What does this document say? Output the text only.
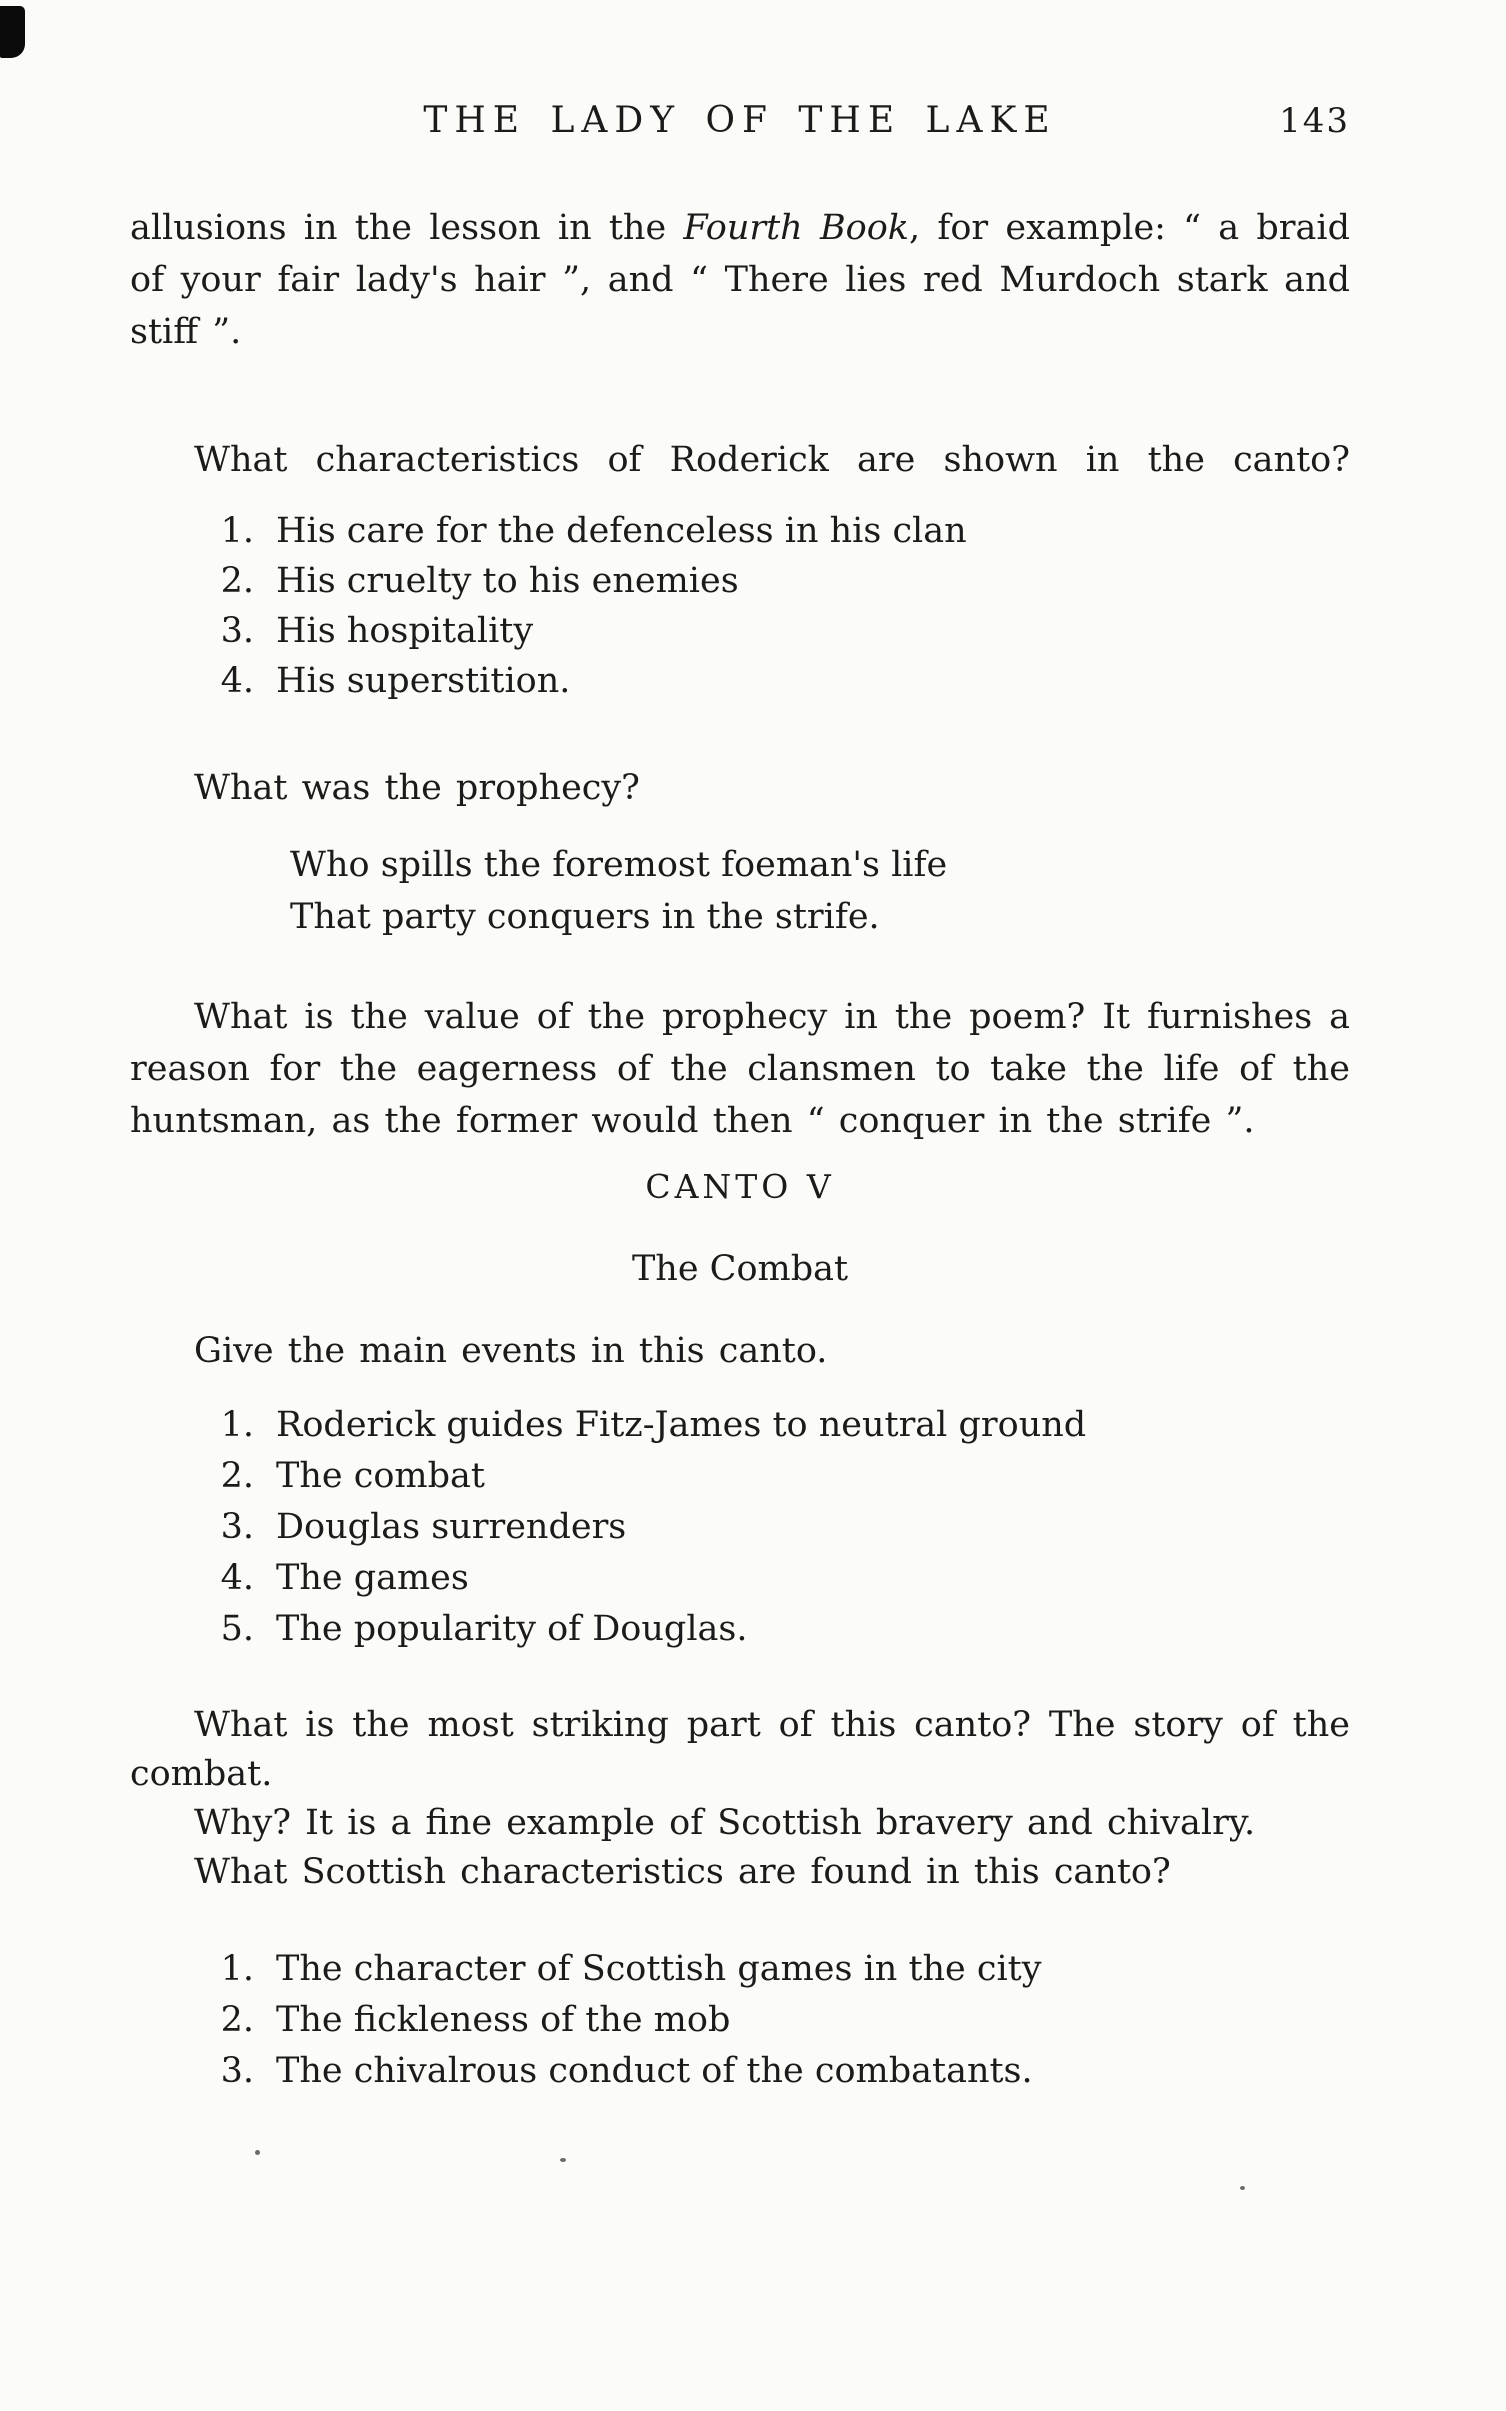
THE LADY OF THE LAKE	143

allusions in the lesson in the Fourth Book, for example: “ a braid of your fair lady's hair ”, and “ There lies red Murdoch stark and stiff ”.

What characteristics of Roderick are shown in the canto?

1. His care for the defenceless in his clan
2. His cruelty to his enemies
3. His hospitality
4. His superstition.

What was the prophecy?

Who spills the foremost foeman's life
That party conquers in the strife.

What is the value of the prophecy in the poem? It furnishes a reason for the eagerness of the clansmen to take the life of the huntsman, as the former would then “ conquer in the strife ”.

CANTO V
The Combat

Give the main events in this canto.

1. Roderick guides Fitz-James to neutral ground
2. The combat
3. Douglas surrenders
4. The games
5. The popularity of Douglas.

What is the most striking part of this canto? The story of the combat.

Why? It is a fine example of Scottish bravery and chivalry.

What Scottish characteristics are found in this canto?

1. The character of Scottish games in the city
2. The fickleness of the mob
3. The chivalrous conduct of the combatants.
